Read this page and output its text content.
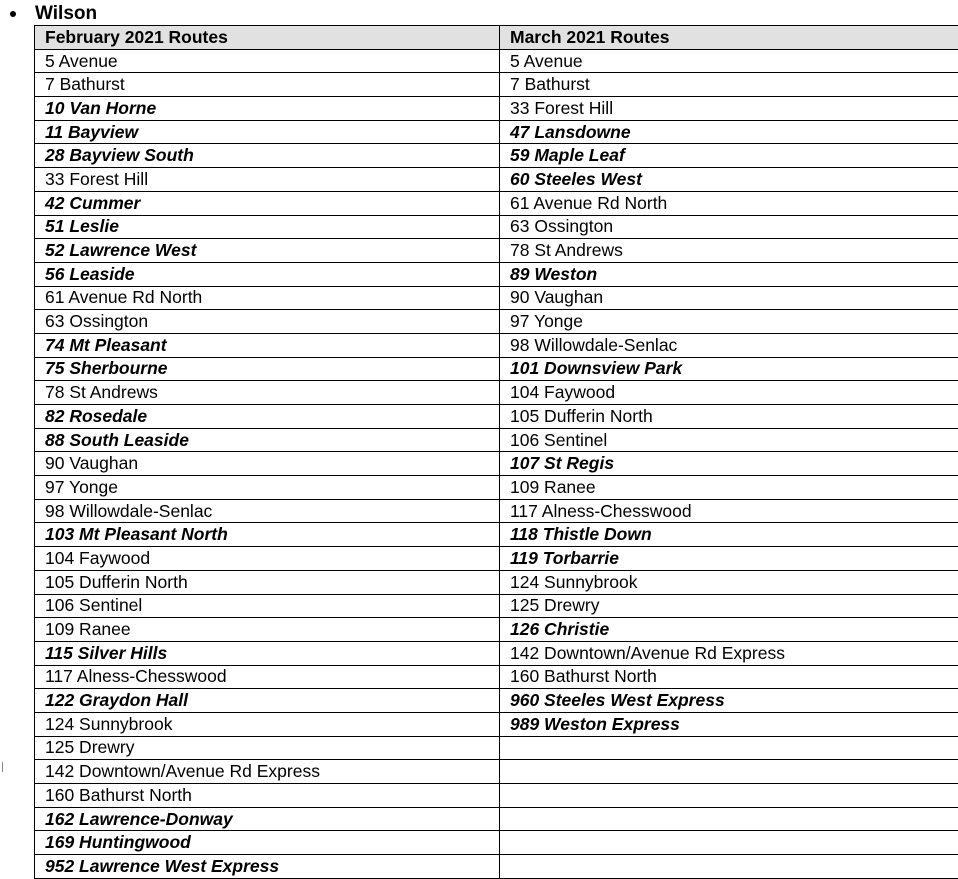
Wilson
February 2021 Routes	March 2021 Routes
5 Avenue	5 Avenue
7 Bathurst	7 Bathurst
10 Van Horne	33 Forest Hill
11 Bayview	47 Lansdowne
28 Bayview South	59 Maple Leaf
33 Forest Hill	60 Steeles West
42 Cummer	61 Avenue Rd North
51 Leslie	63 Ossington
52 Lawrence West	78 St Andrews
56 Leaside	89 Weston
61 Avenue Rd North	90 Vaughan
63 Ossington	97 Yonge
74 Mt Pleasant	98 Willowdale-Senlac
75 Sherbourne	101 Downsview Park
78 St Andrews	104 Faywood
82 Rosedale	105 Dufferin North
88 South Leaside	106 Sentinel
90 Vaughan	107 St Regis
97 Yonge	109 Ranee
98 Willowdale-Senlac	117 Alness-Chesswood
103 Mt Pleasant North	118 Thistle Down
104 Faywood	119 Torbarrie
105 Dufferin North	124 Sunnybrook
106 Sentinel	125 Drewry
109 Ranee	126 Christie
115 Silver Hills	142 Downtown/Avenue Rd Express
117 Alness-Chesswood	160 Bathurst North
122 Graydon Hall	960 Steeles West Express
124 Sunnybrook	989 Weston Express
125 Drewry	
142 Downtown/Avenue Rd Express	
160 Bathurst North	
162 Lawrence-Donway	
169 Huntingwood	
952 Lawrence West Express	
